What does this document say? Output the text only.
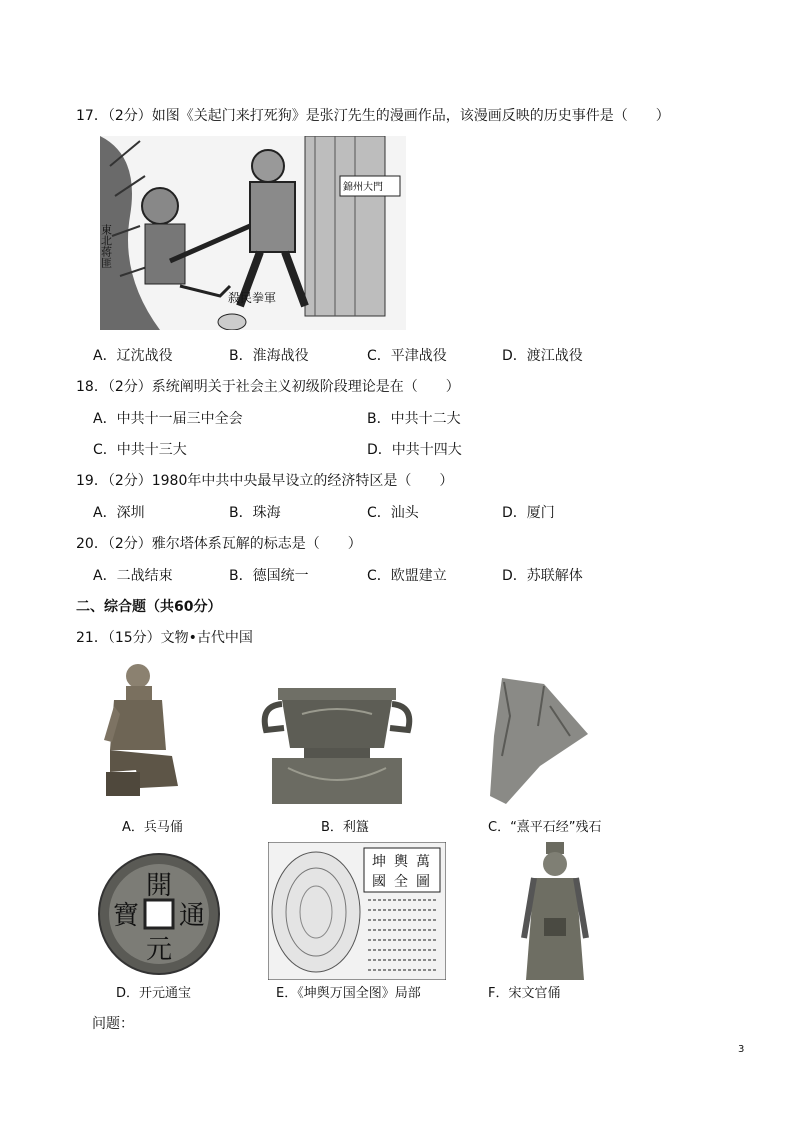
17．（2分）如图《关起门来打死狗》是张汀先生的漫画作品，该漫画反映的历史事件是（　　）
錦州大門
東北蒋匪
殺民拳軍
A．辽沈战役	B．淮海战役	C．平津战役	D．渡江战役
18．（2分）系统阐明关于社会主义初级阶段理论是在（　　）
A．中共十一届三中全会	B．中共十二大
C．中共十三大	D．中共十四大
19．（2分）1980年中共中央最早设立的经济特区是（　　）
A．深圳	B．珠海	C．汕头	D．厦门
20．（2分）雅尔塔体系瓦解的标志是（　　）
A．二战结束	B．德国统一	C．欧盟建立	D．苏联解体
二、综合题（共60分）
21．（15分）文物•古代中国
A．兵马俑	B．利簋	C．“熹平石经”残石
開
通
元
寶
坤 輿 萬
國 全 圖
D．开元通宝	E．《坤舆万国全图》局部	F．宋文官俑
问题：
3
